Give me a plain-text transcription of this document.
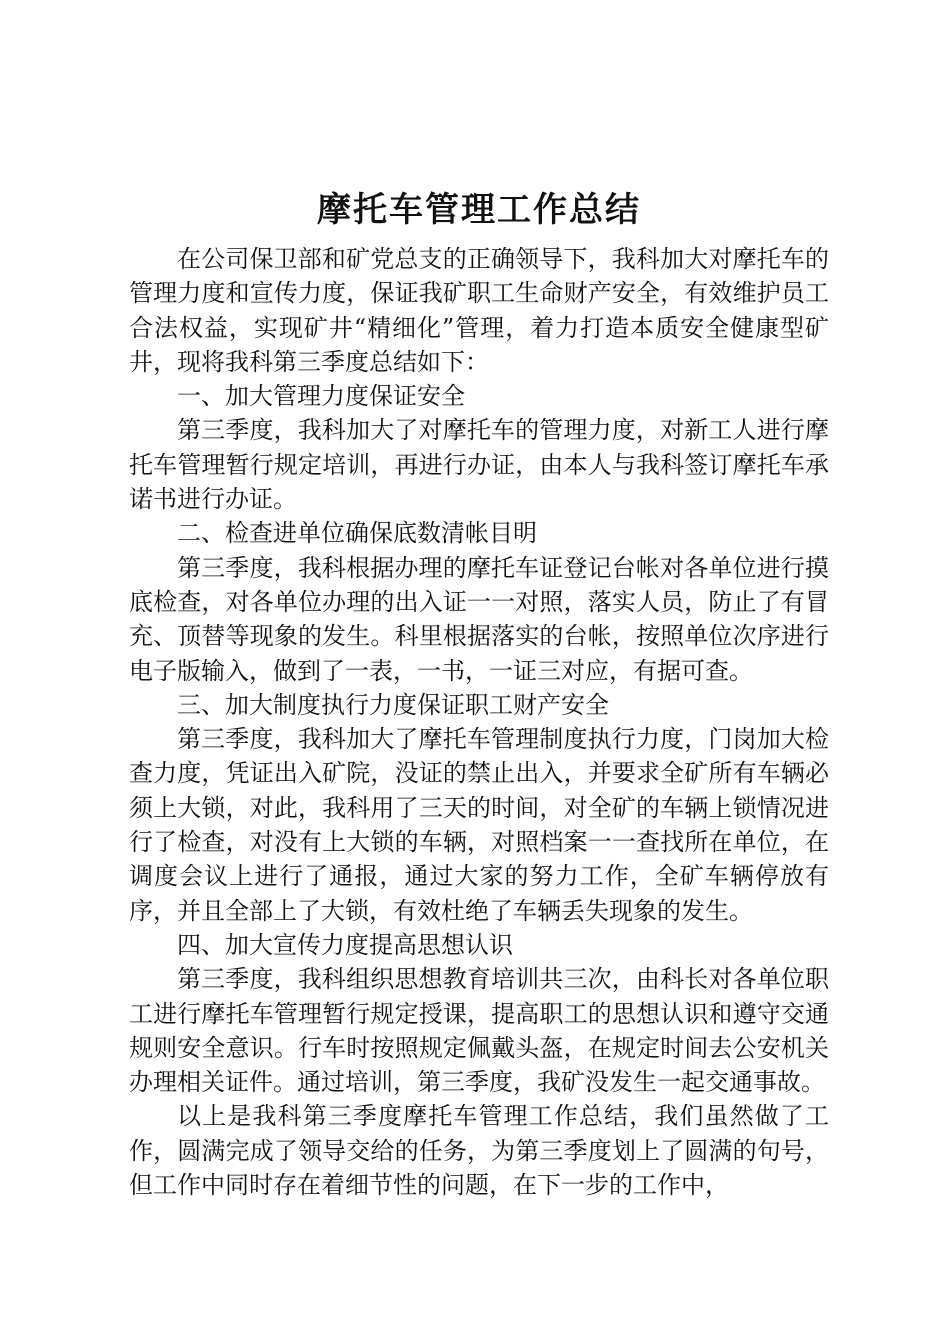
摩托车管理工作总结

在公司保卫部和矿党总支的正确领导下，我科加大对摩托车的管理力度和宣传力度，保证我矿职工生命财产安全，有效维护员工合法权益，实现矿井“精细化”管理，着力打造本质安全健康型矿井，现将我科第三季度总结如下：

一、加大管理力度保证安全

第三季度，我科加大了对摩托车的管理力度，对新工人进行摩托车管理暂行规定培训，再进行办证，由本人与我科签订摩托车承诺书进行办证。

二、检查进单位确保底数清帐目明

第三季度，我科根据办理的摩托车证登记台帐对各单位进行摸底检查，对各单位办理的出入证一一对照，落实人员，防止了有冒充、顶替等现象的发生。科里根据落实的台帐，按照单位次序进行电子版输入，做到了一表，一书，一证三对应，有据可查。

三、加大制度执行力度保证职工财产安全

第三季度，我科加大了摩托车管理制度执行力度，门岗加大检查力度，凭证出入矿院，没证的禁止出入，并要求全矿所有车辆必须上大锁，对此，我科用了三天的时间，对全矿的车辆上锁情况进行了检查，对没有上大锁的车辆，对照档案一一查找所在单位，在调度会议上进行了通报，通过大家的努力工作，全矿车辆停放有序，并且全部上了大锁，有效杜绝了车辆丢失现象的发生。

四、加大宣传力度提高思想认识

第三季度，我科组织思想教育培训共三次，由科长对各单位职工进行摩托车管理暂行规定授课，提高职工的思想认识和遵守交通规则安全意识。行车时按照规定佩戴头盔，在规定时间去公安机关办理相关证件。通过培训，第三季度，我矿没发生一起交通事故。

以上是我科第三季度摩托车管理工作总结，我们虽然做了工作，圆满完成了领导交给的任务，为第三季度划上了圆满的句号，但工作中同时存在着细节性的问题，在下一步的工作中，
